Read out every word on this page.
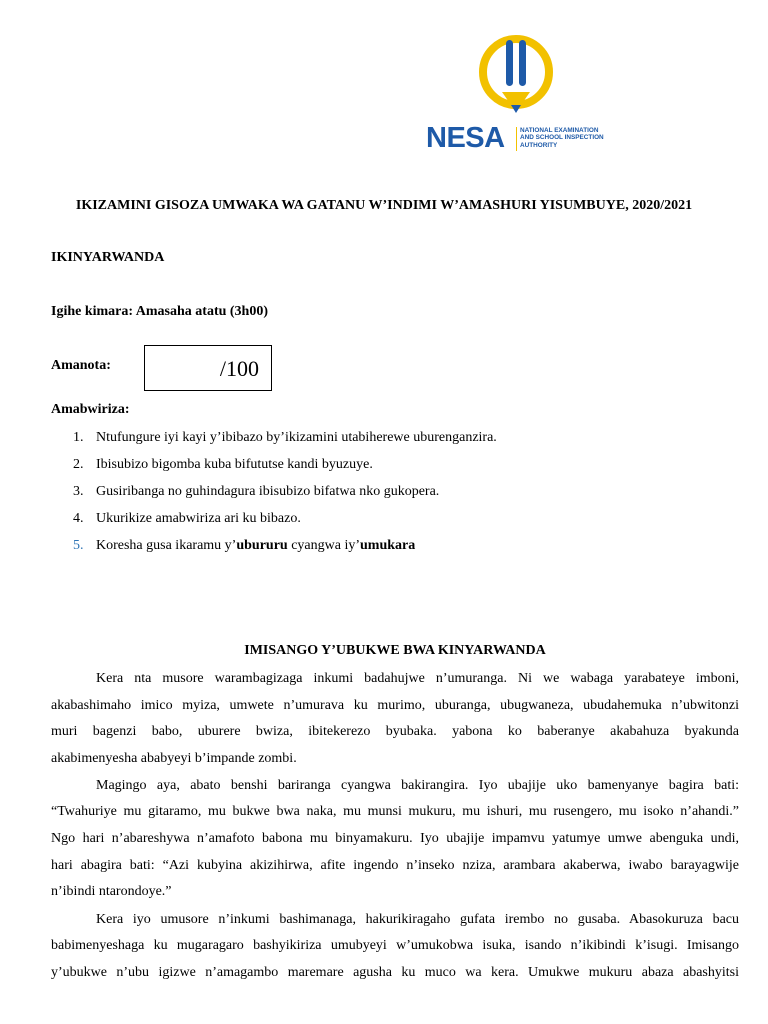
NESA NATIONAL EXAMINATION
AND SCHOOL INSPECTION
AUTHORITY
IKIZAMINI GISOZA UMWAKA WA GATANU W’INDIMI W’AMASHURI YISUMBUYE, 2020/2021
IKINYARWANDA
Igihe kimara: Amasaha atatu (3h00)
Amanota:	/100
Amabwiriza:
1. Ntufungure iyi kayi y’ibibazo by’ikizamini utabiherewe uburenganzira.
2. Ibisubizo bigomba kuba bifututse kandi byuzuye.
3. Gusiribanga no guhindagura ibisubizo bifatwa nko gukopera.
4. Ukurikize amabwiriza ari ku bibazo.
5. Koresha gusa ikaramu y’ubururu cyangwa iy’umukara
IMISANGO Y’UBUKWE BWA KINYARWANDA
Kera nta musore warambagizaga inkumi badahujwe n’umuranga. Ni we wabaga yarabateye imboni,
akabashimaho imico myiza, umwete n’umurava ku murimo, uburanga, ubugwaneza, ubudahemuka n’ubwitonzi
muri bagenzi babo, uburere bwiza, ibitekerezo byubaka. yabona ko baberanye akabahuza byakunda
akabimenyesha ababyeyi b’impande zombi.
Magingo aya, abato benshi bariranga cyangwa bakirangira. Iyo ubajije uko bamenyanye bagira bati:
“Twahuriye mu gitaramo, mu bukwe bwa naka, mu munsi mukuru, mu ishuri, mu rusengero, mu isoko n’ahandi.”
Ngo hari n’abareshywa n’amafoto babona mu binyamakuru. Iyo ubajije impamvu yatumye umwe abenguka undi,
hari abagira bati: “Azi kubyina akizihirwa, afite ingendo n’inseko nziza, arambara akaberwa, iwabo barayagwije
n’ibindi ntarondoye.”
Kera iyo umusore n’inkumi bashimanaga, hakurikiragaho gufata irembo no gusaba. Abasokuruza bacu
babimenyeshaga ku mugaragaro bashyikiriza umubyeyi w’umukobwa isuka, isando n’ikibindi k’isugi. Imisango
y’ubukwe n’ubu igizwe n’amagambo maremare agusha ku muco wa kera. Umukwe mukuru abaza abashyitsi
